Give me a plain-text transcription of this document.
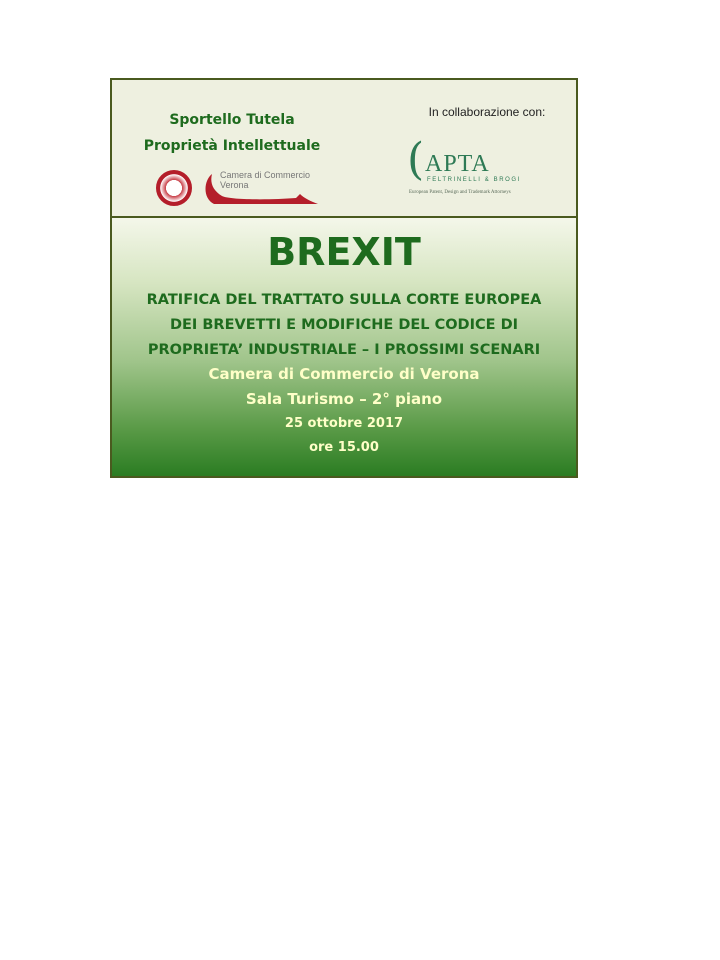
Sportello Tutela
Proprietà Intellettuale
Camera di Commercio
Verona
In collaborazione con:
( APTA
FELTRINELLI & BROGI
European Patent, Design and Trademark Attorneys
BREXIT
RATIFICA DEL TRATTATO SULLA CORTE EUROPEA
DEI BREVETTI E MODIFICHE DEL CODICE DI
PROPRIETA’ INDUSTRIALE – I PROSSIMI SCENARI
Camera di Commercio di Verona
Sala Turismo – 2° piano
25 ottobre 2017
ore 15.00
